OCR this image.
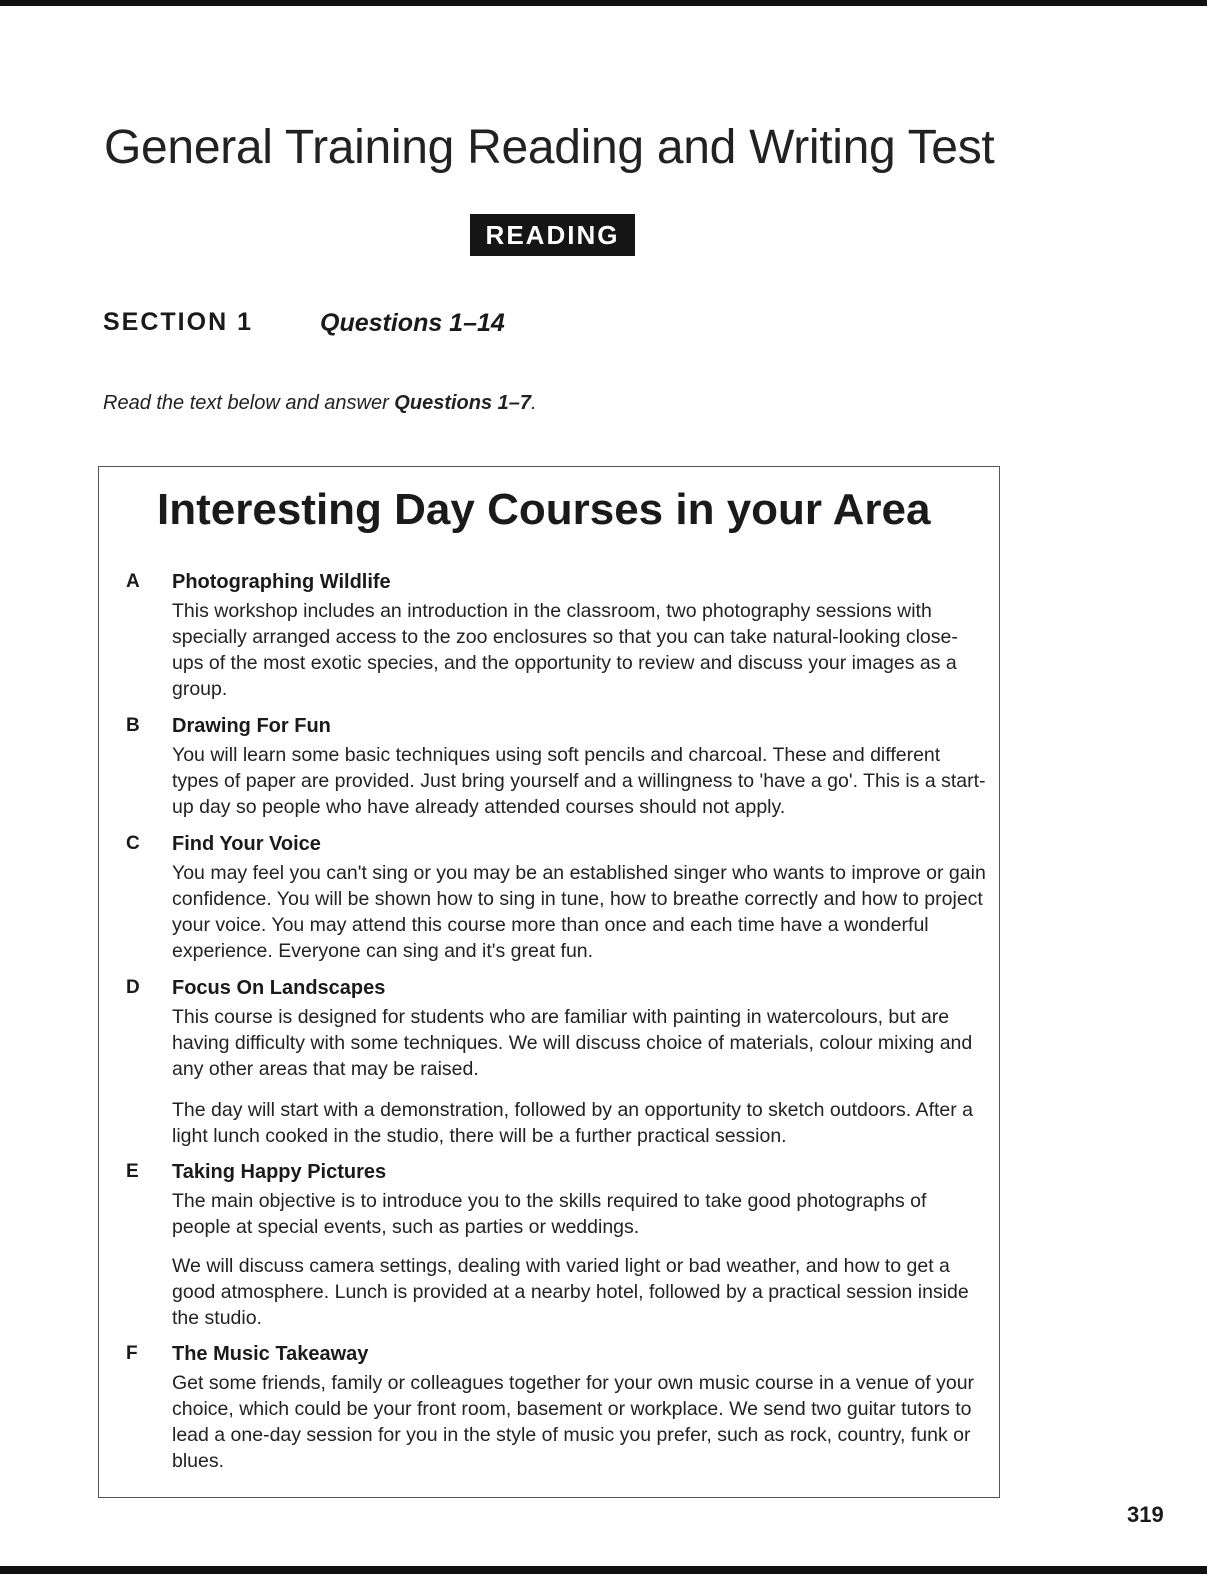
General Training Reading and Writing Test
READING
SECTION 1	Questions 1–14
Read the text below and answer Questions 1–7.
Interesting Day Courses in your Area
A Photographing Wildlife

This workshop includes an introduction in the classroom, two photography sessions with specially arranged access to the zoo enclosures so that you can take natural-looking close-ups of the most exotic species, and the opportunity to review and discuss your images as a group.

B Drawing For Fun

You will learn some basic techniques using soft pencils and charcoal. These and different types of paper are provided. Just bring yourself and a willingness to 'have a go'. This is a start-up day so people who have already attended courses should not apply.

C Find Your Voice

You may feel you can't sing or you may be an established singer who wants to improve or gain confidence. You will be shown how to sing in tune, how to breathe correctly and how to project your voice. You may attend this course more than once and each time have a wonderful experience. Everyone can sing and it's great fun.

D Focus On Landscapes

This course is designed for students who are familiar with painting in watercolours, but are having difficulty with some techniques. We will discuss choice of materials, colour mixing and any other areas that may be raised.

The day will start with a demonstration, followed by an opportunity to sketch outdoors. After a light lunch cooked in the studio, there will be a further practical session.

E Taking Happy Pictures

The main objective is to introduce you to the skills required to take good photographs of people at special events, such as parties or weddings.

We will discuss camera settings, dealing with varied light or bad weather, and how to get a good atmosphere. Lunch is provided at a nearby hotel, followed by a practical session inside the studio.

F The Music Takeaway

Get some friends, family or colleagues together for your own music course in a venue of your choice, which could be your front room, basement or workplace. We send two guitar tutors to lead a one-day session for you in the style of music you prefer, such as rock, country, funk or blues.

319
